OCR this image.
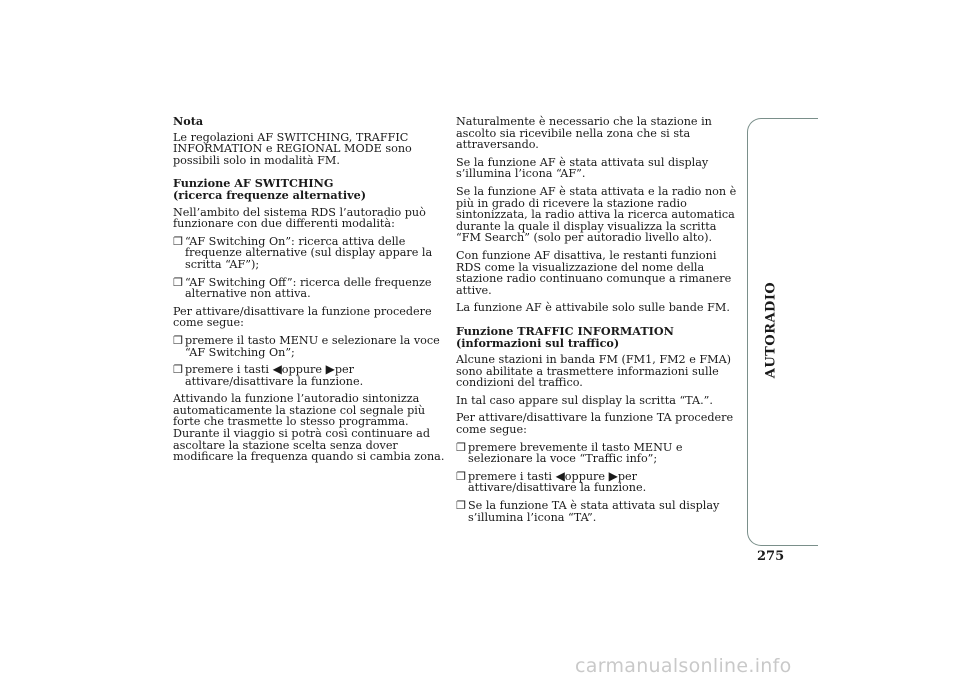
Nota
Le regolazioni AF SWITCHING, TRAFFIC INFORMATION e REGIONAL MODE sono possibili solo in modalità FM.
Funzione AF SWITCHING
(ricerca frequenze alternative)
Nell’ambito del sistema RDS l’autoradio può funzionare con due differenti modalità:
❐ “AF Switching On”: ricerca attiva delle frequenze alternative (sul display appare la scritta “AF”);
❐ “AF Switching Off”: ricerca delle frequenze alternative non attiva.
Per attivare/disattivare la funzione procedere come segue:
❐ premere il tasto MENU e selezionare la voce “AF Switching On”;
❐ premere i tasti ◀oppure ▶per attivare/disattivare la funzione.
Attivando la funzione l’autoradio sintonizza automaticamente la stazione col segnale più forte che trasmette lo stesso programma. Durante il viaggio si potrà così continuare ad ascoltare la stazione scelta senza dover modificare la frequenza quando si cambia zona.
Naturalmente è necessario che la stazione in ascolto sia ricevibile nella zona che si sta attraversando.
Se la funzione AF è stata attivata sul display s’illumina l’icona “AF”.
Se la funzione AF è stata attivata e la radio non è più in grado di ricevere la stazione radio sintonizzata, la radio attiva la ricerca automatica durante la quale il display visualizza la scritta “FM Search” (solo per autoradio livello alto).
Con funzione AF disattiva, le restanti funzioni RDS come la visualizzazione del nome della stazione radio continuano comunque a rimanere attive.
La funzione AF è attivabile solo sulle bande FM.
Funzione TRAFFIC INFORMATION
(informazioni sul traffico)
Alcune stazioni in banda FM (FM1, FM2 e FMA) sono abilitate a trasmettere informazioni sulle condizioni del traffico.
In tal caso appare sul display la scritta “TA.”.
Per attivare/disattivare la funzione TA procedere come segue:
❐ premere brevemente il tasto MENU e selezionare la voce “Traffic info”;
❐ premere i tasti ◀oppure ▶per attivare/disattivare la funzione.
❐ Se la funzione TA è stata attivata sul display s’illumina l’icona “TA”.
AUTORADIO
275
carmanualsonline.info
